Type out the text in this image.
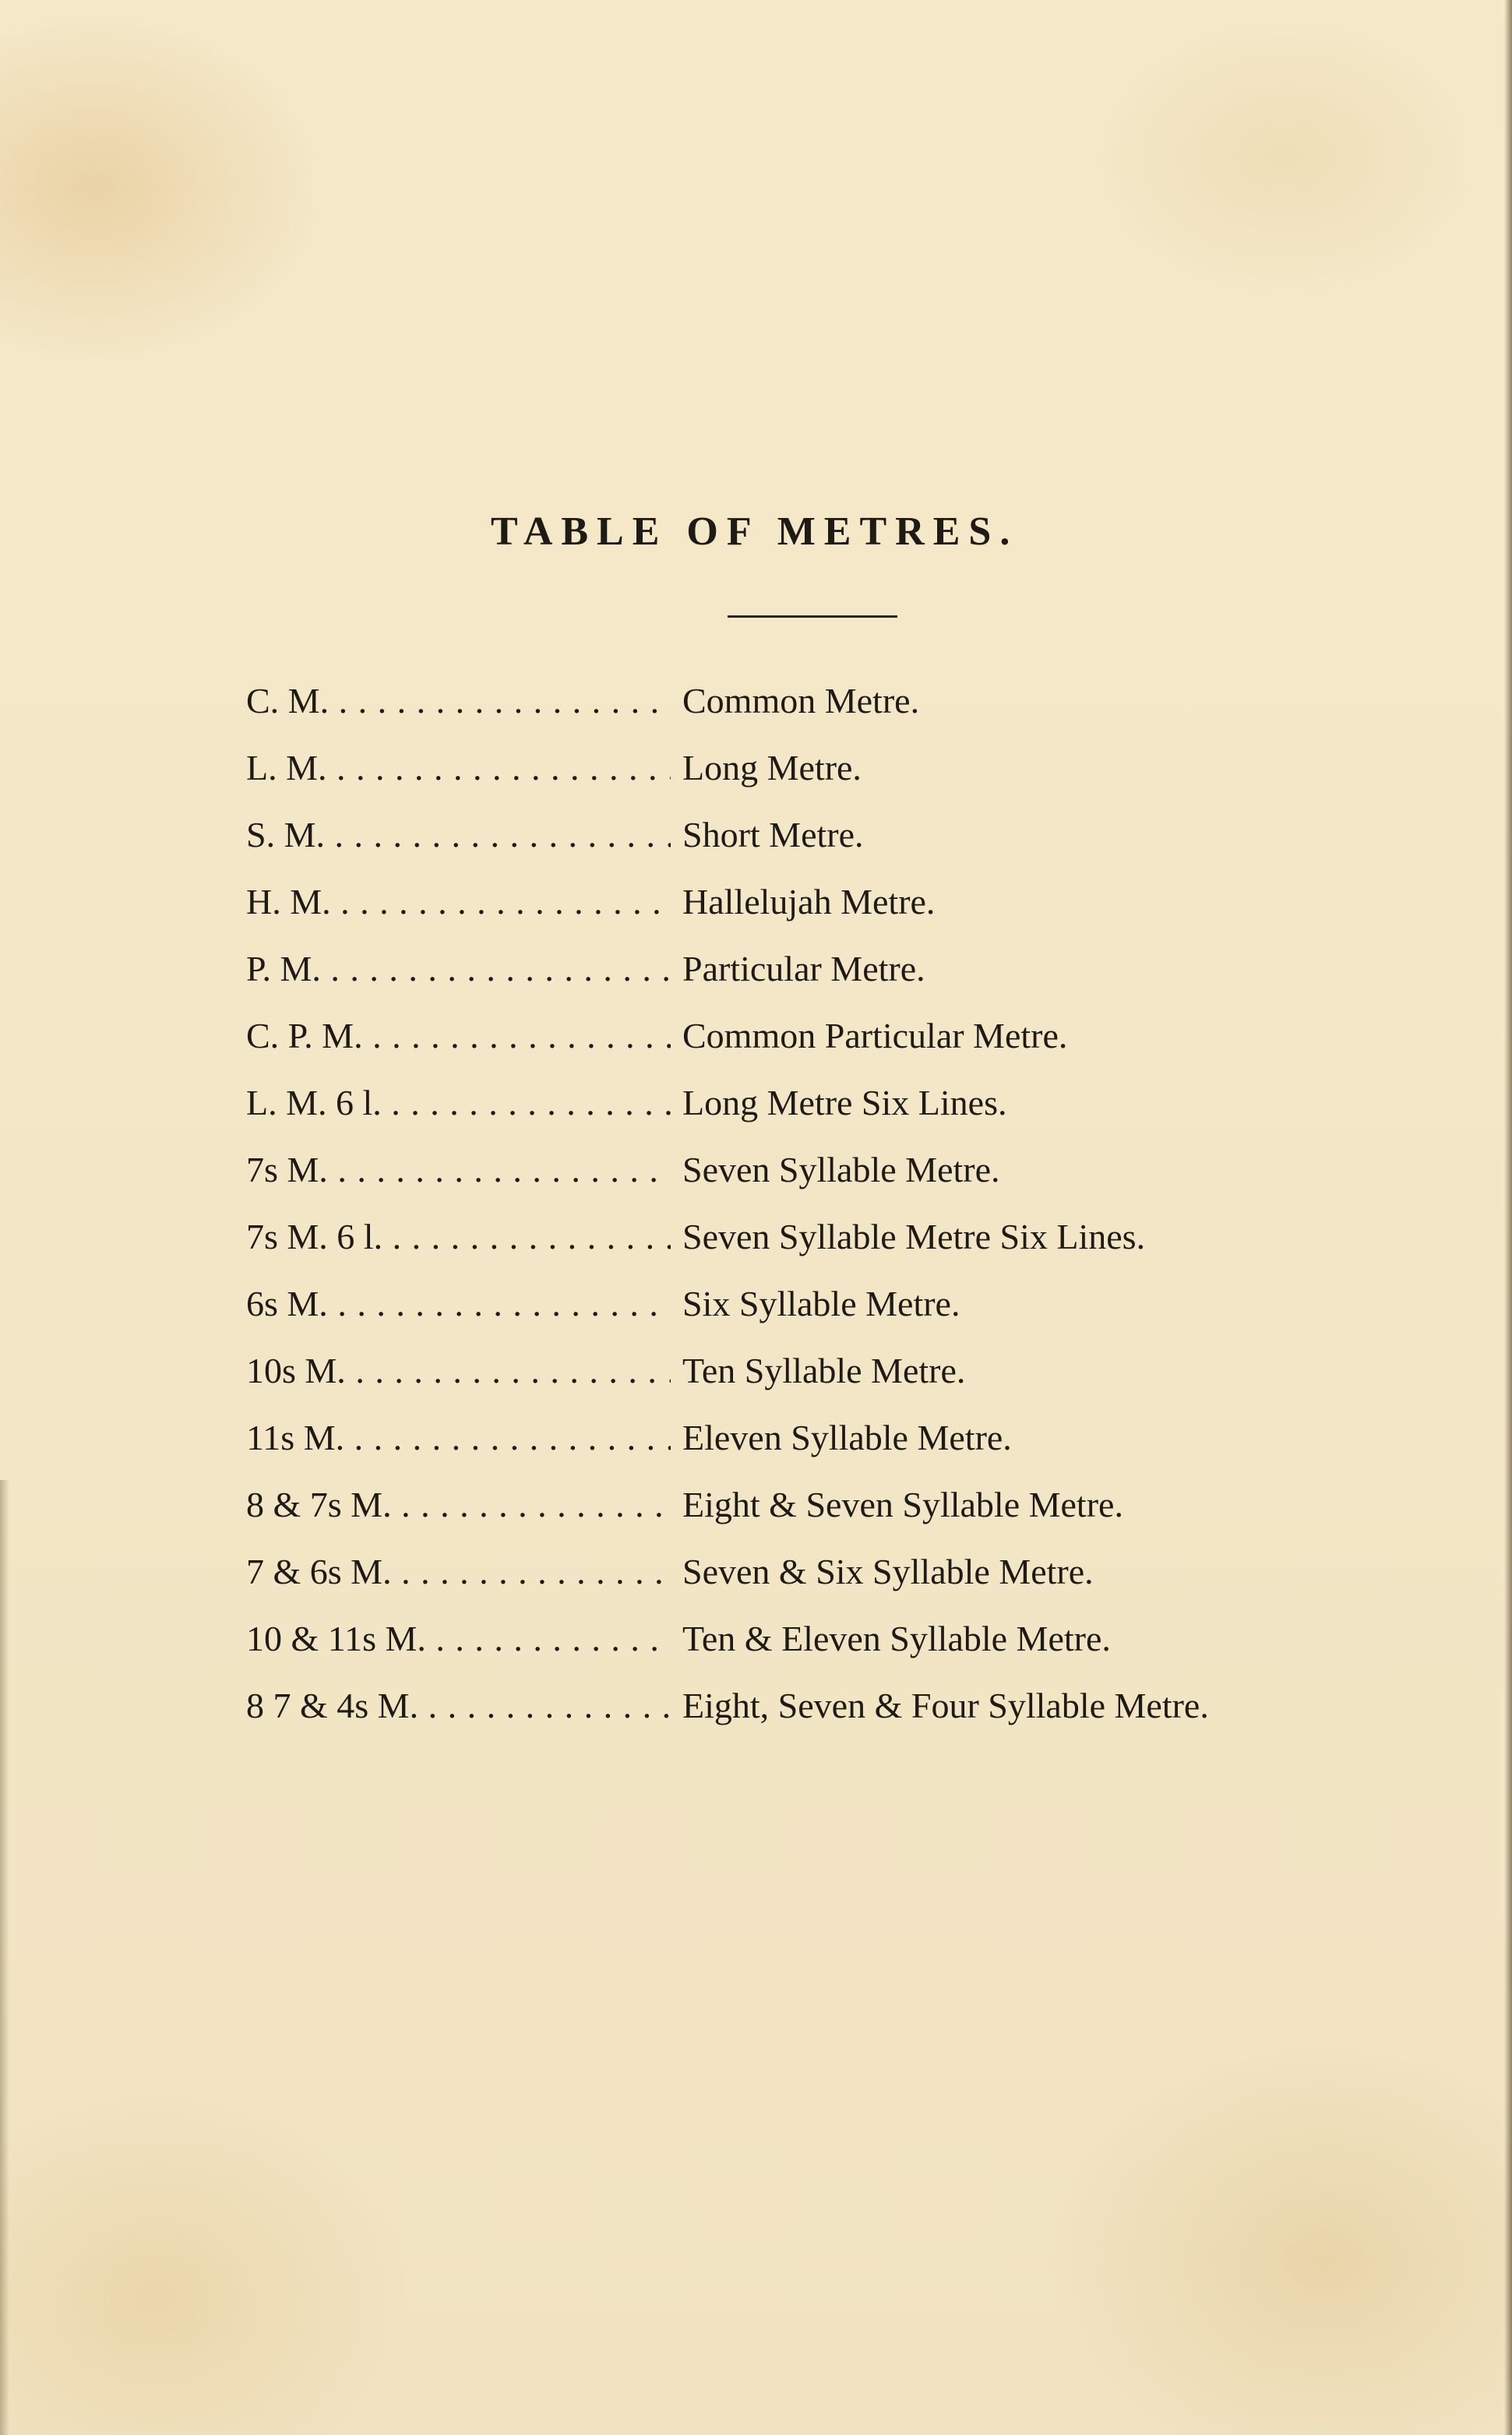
TABLE OF METRES.
C. M. . . .	Common Metre.
L. M. . . .	Long Metre.
S. M. . . .	Short Metre.
H. M. . . .	Hallelujah Metre.
P. M. . . .	Particular Metre.
C. P. M. . . .	Common Particular Metre.
L. M. 6 l. . . .	Long Metre Six Lines.
7s M. . . .	Seven Syllable Metre.
7s M. 6 l. . . .	Seven Syllable Metre Six Lines.
6s M. . . .	Six Syllable Metre.
10s M. . . .	Ten Syllable Metre.
11s M. . . .	Eleven Syllable Metre.
8 & 7s M. . . .	Eight & Seven Syllable Metre.
7 & 6s M. . . .	Seven & Six Syllable Metre.
10 & 11s M. . . .	Ten & Eleven Syllable Metre.
8 7 & 4s M. . . .	Eight, Seven & Four Syllable Metre.
